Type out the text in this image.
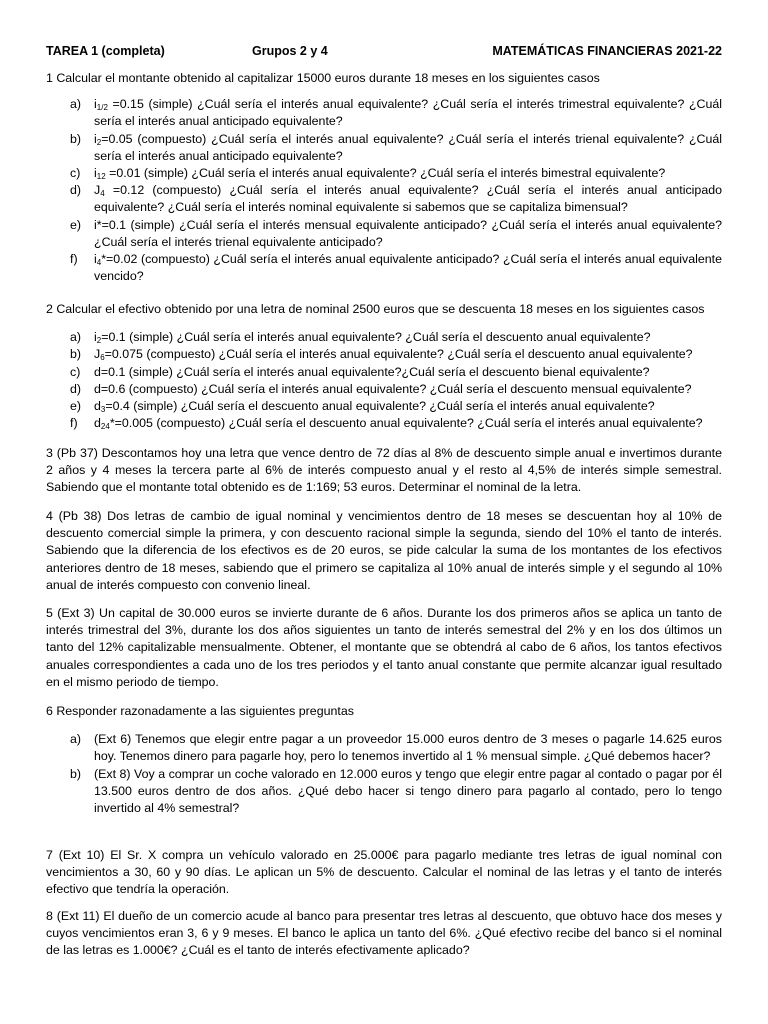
TAREA 1 (completa)	Grupos 2 y 4	MATEMÁTICAS FINANCIERAS 2021-22

1 Calcular el montante obtenido al capitalizar 15000 euros durante 18 meses en los siguientes casos

a) $i_{1/2} =0.15$ (simple) ¿Cuál sería el interés anual equivalente? ¿Cuál sería el interés trimestral equivalente? ¿Cuál sería el interés anual anticipado equivalente?
b) $i_2=0.05$ (compuesto) ¿Cuál sería el interés anual equivalente? ¿Cuál sería el interés trienal equivalente? ¿Cuál sería el interés anual anticipado equivalente?
c) $i_{12} =0.01$ (simple) ¿Cuál sería el interés anual equivalente? ¿Cuál sería el interés bimestral equivalente?
d) $J_4 =0.12$ (compuesto) ¿Cuál sería el interés anual equivalente? ¿Cuál sería el interés anual anticipado equivalente? ¿Cuál sería el interés nominal equivalente si sabemos que se capitaliza bimensual?
e) i*=0.1 (simple) ¿Cuál sería el interés mensual equivalente anticipado? ¿Cuál sería el interés anual equivalente? ¿Cuál sería el interés trienal equivalente anticipado?
f) $i_4*=0.02$ (compuesto) ¿Cuál sería el interés anual equivalente anticipado? ¿Cuál sería el interés anual equivalente vencido?

2 Calcular el efectivo obtenido por una letra de nominal 2500 euros que se descuenta 18 meses en los siguientes casos

a) $i_2=0.1$ (simple) ¿Cuál sería el interés anual equivalente? ¿Cuál sería el descuento anual equivalente?
b) $J_6=0.075$ (compuesto) ¿Cuál sería el interés anual equivalente? ¿Cuál sería el descuento anual equivalente?
c) d=0.1 (simple) ¿Cuál sería el interés anual equivalente?¿Cuál sería el descuento bienal equivalente?
d) d=0.6 (compuesto) ¿Cuál sería el interés anual equivalente? ¿Cuál sería el descuento mensual equivalente?
e) $d_3=0.4$ (simple) ¿Cuál sería el descuento anual equivalente? ¿Cuál sería el interés anual equivalente?
f) $d_{24}*=0.005$ (compuesto) ¿Cuál sería el descuento anual equivalente? ¿Cuál sería el interés anual equivalente?

3 (Pb 37) Descontamos hoy una letra que vence dentro de 72 días al 8% de descuento simple anual e invertimos durante 2 años y 4 meses la tercera parte al 6% de interés compuesto anual y el resto al 4,5% de interés simple semestral. Sabiendo que el montante total obtenido es de 1:169; 53 euros. Determinar el nominal de la letra.

4 (Pb 38) Dos letras de cambio de igual nominal y vencimientos dentro de 18 meses se descuentan hoy al 10% de descuento comercial simple la primera, y con descuento racional simple la segunda, siendo del 10% el tanto de interés. Sabiendo que la diferencia de los efectivos es de 20 euros, se pide calcular la suma de los montantes de los efectivos anteriores dentro de 18 meses, sabiendo que el primero se capitaliza al 10% anual de interés simple y el segundo al 10% anual de interés compuesto con convenio lineal.

5 (Ext 3) Un capital de 30.000 euros se invierte durante de 6 años. Durante los dos primeros años se aplica un tanto de interés trimestral del 3%, durante los dos años siguientes un tanto de interés semestral del 2% y en los dos últimos un tanto del 12% capitalizable mensualmente. Obtener, el montante que se obtendrá al cabo de 6 años, los tantos efectivos anuales correspondientes a cada uno de los tres periodos y el tanto anual constante que permite alcanzar igual resultado en el mismo periodo de tiempo.

6 Responder razonadamente a las siguientes preguntas

a) (Ext 6) Tenemos que elegir entre pagar a un proveedor 15.000 euros dentro de 3 meses o pagarle 14.625 euros hoy. Tenemos dinero para pagarle hoy, pero lo tenemos invertido al 1 % mensual simple. ¿Qué debemos hacer?
b) (Ext 8) Voy a comprar un coche valorado en 12.000 euros y tengo que elegir entre pagar al contado o pagar por él 13.500 euros dentro de dos años. ¿Qué debo hacer si tengo dinero para pagarlo al contado, pero lo tengo invertido al 4% semestral?

7 (Ext 10) El Sr. X compra un vehículo valorado en 25.000€ para pagarlo mediante tres letras de igual nominal con vencimientos a 30, 60 y 90 días. Le aplican un 5% de descuento. Calcular el nominal de las letras y el tanto de interés efectivo que tendría la operación.

8 (Ext 11) El dueño de un comercio acude al banco para presentar tres letras al descuento, que obtuvo hace dos meses y cuyos vencimientos eran 3, 6 y 9 meses. El banco le aplica un tanto del 6%. ¿Qué efectivo recibe del banco si el nominal de las letras es 1.000€? ¿Cuál es el tanto de interés efectivamente aplicado?
